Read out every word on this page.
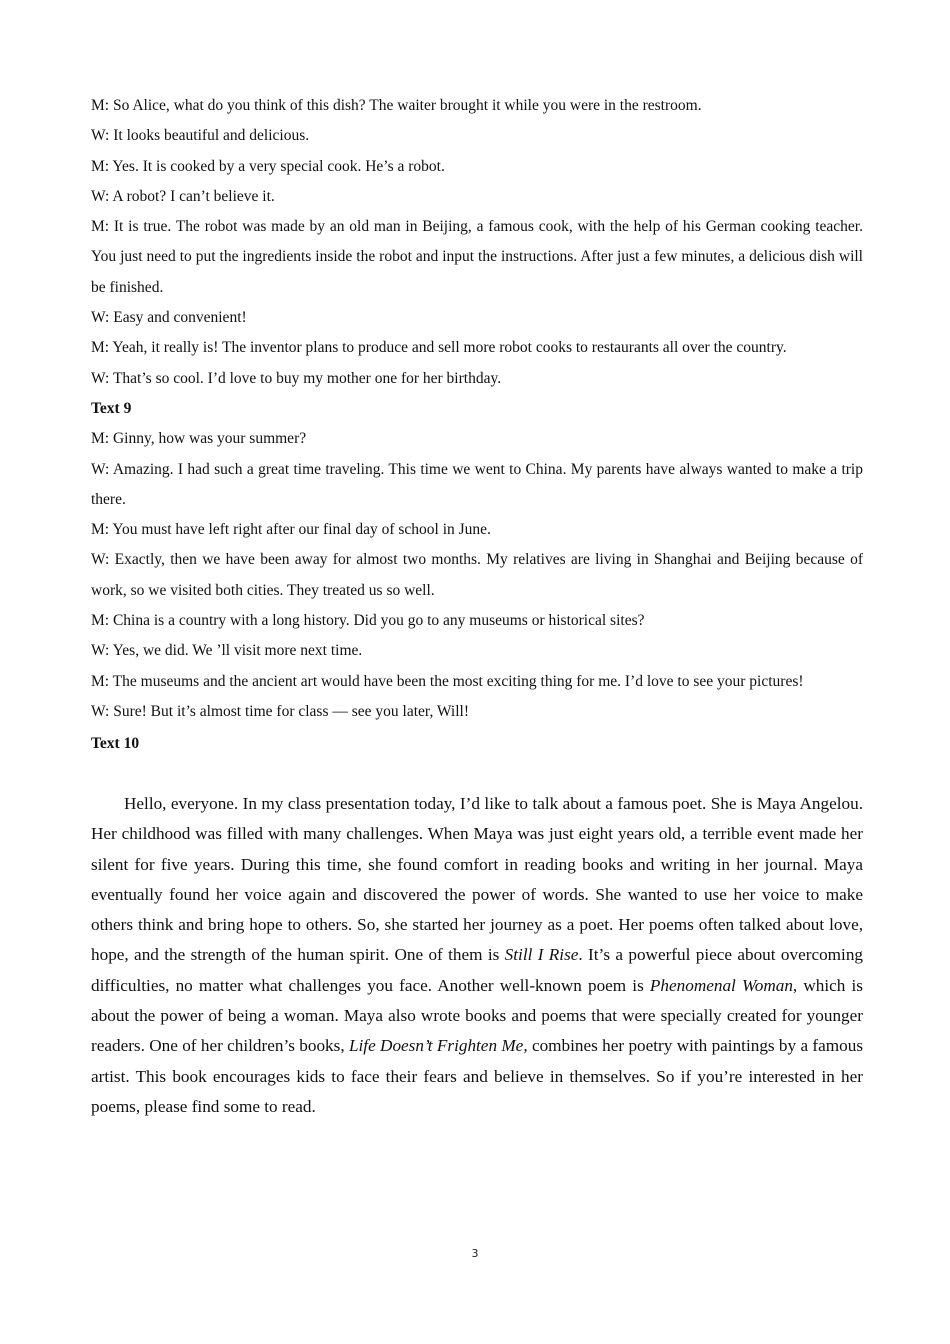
M: So Alice, what do you think of this dish? The waiter brought it while you were in the restroom.

W: It looks beautiful and delicious.

M: Yes. It is cooked by a very special cook. He’s a robot.

W: A robot? I can’t believe it.

M: It is true. The robot was made by an old man in Beijing, a famous cook, with the help of his German cooking teacher. You just need to put the ingredients inside the robot and input the instructions. After just a few minutes, a delicious dish will be finished.

W: Easy and convenient!

M: Yeah, it really is! The inventor plans to produce and sell more robot cooks to restaurants all over the country.

W: That’s so cool. I’d love to buy my mother one for her birthday.

Text 9

M: Ginny, how was your summer?

W: Amazing. I had such a great time traveling. This time we went to China. My parents have always wanted to make a trip there.

M: You must have left right after our final day of school in June.

W: Exactly, then we have been away for almost two months. My relatives are living in Shanghai and Beijing because of work, so we visited both cities. They treated us so well.

M: China is a country with a long history. Did you go to any museums or historical sites?

W: Yes, we did. We ’ll visit more next time.

M: The museums and the ancient art would have been the most exciting thing for me. I’d love to see your pictures!

W: Sure! But it’s almost time for class — see you later, Will!

Text 10

Hello, everyone. In my class presentation today, I’d like to talk about a famous poet. She is Maya Angelou. Her childhood was filled with many challenges. When Maya was just eight years old, a terrible event made her silent for five years. During this time, she found comfort in reading books and writing in her journal. Maya eventually found her voice again and discovered the power of words. She wanted to use her voice to make others think and bring hope to others. So, she started her journey as a poet. Her poems often talked about love, hope, and the strength of the human spirit. One of them is Still I Rise. It’s a powerful piece about overcoming difficulties, no matter what challenges you face. Another well-known poem is Phenomenal Woman, which is about the power of being a woman. Maya also wrote books and poems that were specially created for younger readers. One of her children’s books, Life Doesn’t Frighten Me, combines her poetry with paintings by a famous artist. This book encourages kids to face their fears and believe in themselves. So if you’re interested in her poems, please find some to read.

3
